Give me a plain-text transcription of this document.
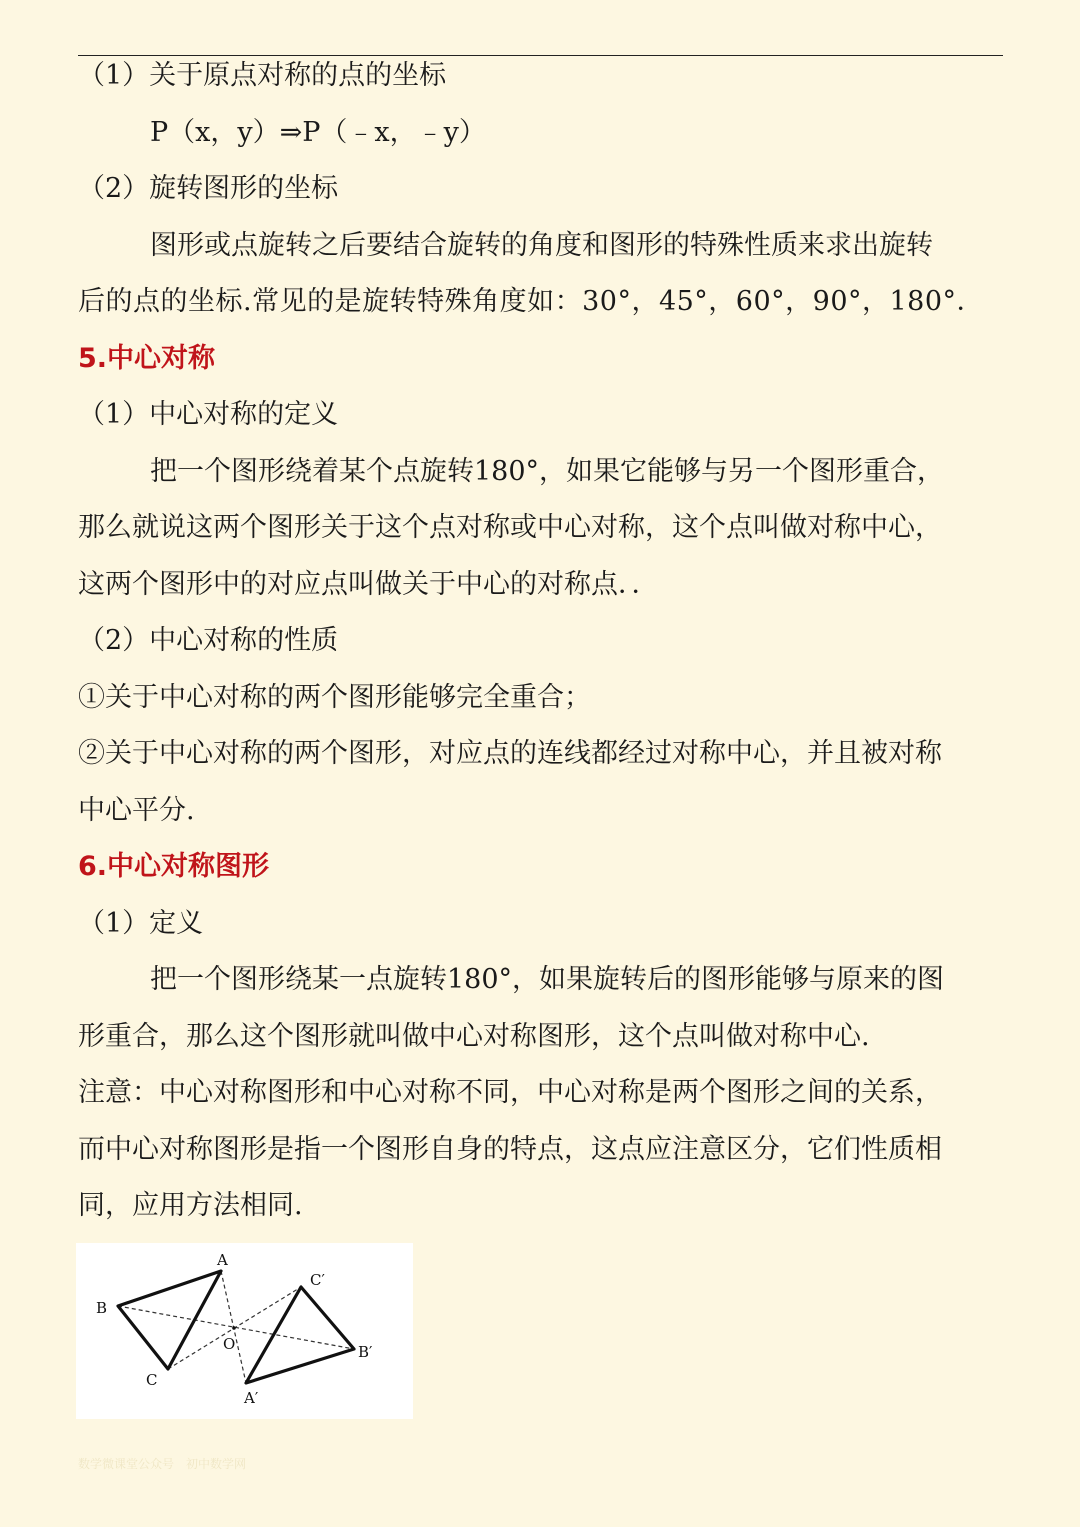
（1）关于原点对称的点的坐标
P（x，y）⇒P（﹣x，﹣y）
（2）旋转图形的坐标
图形或点旋转之后要结合旋转的角度和图形的特殊性质来求出旋转
后的点的坐标.常见的是旋转特殊角度如：30°，45°，60°，90°，180°．
5.中心对称
（1）中心对称的定义
把一个图形绕着某个点旋转180°，如果它能够与另一个图形重合，
那么就说这两个图形关于这个点对称或中心对称，这个点叫做对称中心，
这两个图形中的对应点叫做关于中心的对称点．．
（2）中心对称的性质
①关于中心对称的两个图形能够完全重合；
②关于中心对称的两个图形，对应点的连线都经过对称中心，并且被对称
中心平分.
6.中心对称图形
（1）定义
把一个图形绕某一点旋转180°，如果旋转后的图形能够与原来的图
形重合，那么这个图形就叫做中心对称图形，这个点叫做对称中心.
注意：中心对称图形和中心对称不同，中心对称是两个图形之间的关系，
而中心对称图形是指一个图形自身的特点，这点应注意区分，它们性质相
同，应用方法相同.
A
B
C
O
A′
B′
C′
数学微课堂公众号　初中数学网
